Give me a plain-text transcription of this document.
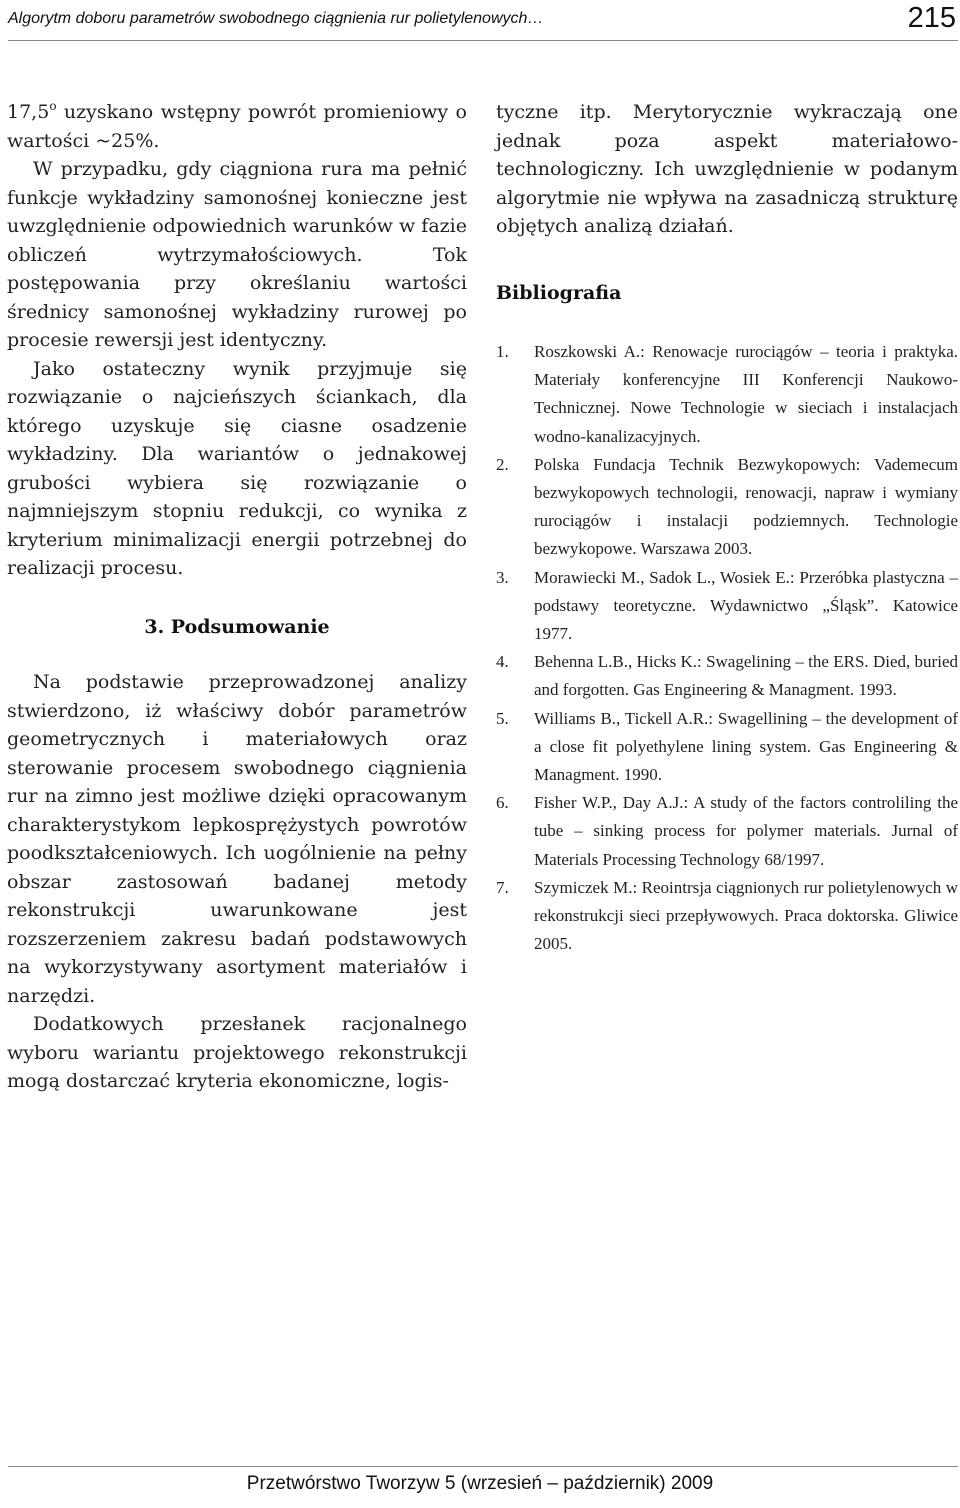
Algorytm doboru parametrów swobodnego ciągnienia rur polietylenowych…	215

17,5$^o$ uzyskano wstępny powrót promieniowy o wartości ~25%.

W przypadku, gdy ciągniona rura ma pełnić funkcje wykładziny samonośnej konieczne jest uwzględnienie odpowiednich warunków w fazie obliczeń wytrzymałościowych. Tok postępowania przy określaniu wartości średnicy samonośnej wykładziny rurowej po procesie rewersji jest identyczny.

Jako ostateczny wynik przyjmuje się rozwiązanie o najcieńszych ściankach, dla którego uzyskuje się ciasne osadzenie wykładziny. Dla wariantów o jednakowej grubości wybiera się rozwiązanie o najmniejszym stopniu redukcji, co wynika z kryterium minimalizacji energii potrzebnej do realizacji procesu.

3. Podsumowanie

Na podstawie przeprowadzonej analizy stwierdzono, iż właściwy dobór parametrów geometrycznych i materiałowych oraz sterowanie procesem swobodnego ciągnienia rur na zimno jest możliwe dzięki opracowanym charakterystykom lepkosprężystych powrotów poodkształceniowych. Ich uogólnienie na pełny obszar zastosowań badanej metody rekonstrukcji uwarunkowane jest rozszerzeniem zakresu badań podstawowych na wykorzystywany asortyment materiałów i narzędzi.

Dodatkowych przesłanek racjonalnego wyboru wariantu projektowego rekonstrukcji mogą dostarczać kryteria ekonomiczne, logis-

tyczne itp. Merytorycznie wykraczają one jednak poza aspekt materiałowo-technologiczny. Ich uwzględnienie w podanym algorytmie nie wpływa na zasadniczą strukturę objętych analizą działań.

Bibliografia
1. Roszkowski A.: Renowacje rurociągów – teoria i praktyka. Materiały konferencyjne III Konferencji Naukowo-Technicznej. Nowe Technologie w sieciach i instalacjach wodno-kanalizacyjnych.
2. Polska Fundacja Technik Bezwykopowych: Vademecum bezwykopowych technologii, renowacji, napraw i wymiany rurociągów i instalacji podziemnych. Technologie bezwykopowe. Warszawa 2003.
3. Morawiecki M., Sadok L., Wosiek E.: Przeróbka plastyczna – podstawy teoretyczne. Wydawnictwo „Śląsk”. Katowice 1977.
4. Behenna L.B., Hicks K.: Swagelining – the ERS. Died, buried and forgotten. Gas Engineering & Managment. 1993.
5. Williams B., Tickell A.R.: Swagellining – the development of a close fit polyethylene lining system. Gas Engineering & Managment. 1990.
6. Fisher W.P., Day A.J.: A study of the factors controliling the tube – sinking process for polymer materials. Jurnal of Materials Processing Technology 68/1997.
7. Szymiczek M.: Reointrsja ciągnionych rur polietylenowych w rekonstrukcji sieci przepływowych. Praca doktorska. Gliwice 2005.
Przetwórstwo Tworzyw 5 (wrzesień – październik) 2009
